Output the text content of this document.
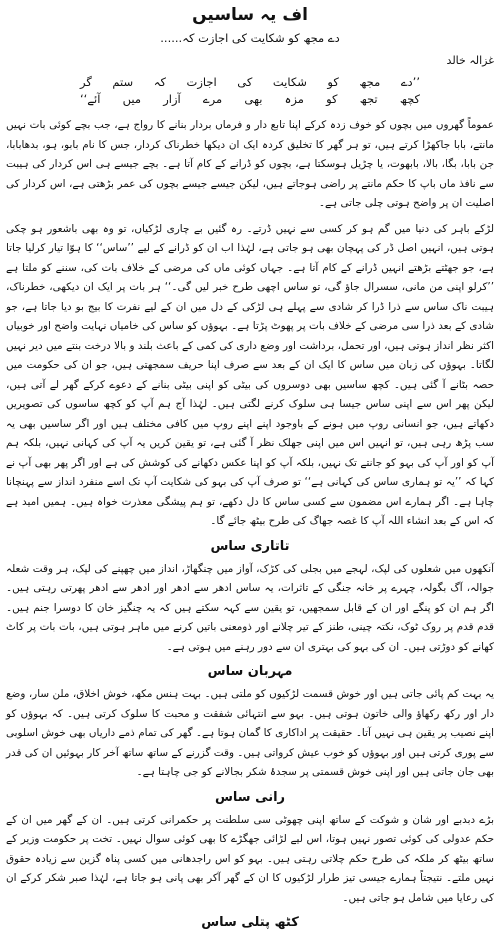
اف یہ ساسیں
دے مجھ کو شکایت کی اجازت کہ......
غزالہ خالد
’’دے مجھ کو شکایت کی اجازت کہ ستم گر
کچھ تجھ کو مزہ بھی مرے آزار میں آئے‘‘

عموماً گھروں میں بچوں کو خوف زدہ کرکے اپنا تابع دار و فرماں بردار بنانے کا رواج ہے، جب بچے کوئی بات نہیں مانتے، بابا جاکھڑا کرتے ہیں، تو ہر گھر کا تخلیق کردہ ایک ان دیکھا خطرناک کردار، جس کا نام بابو، ہو، بدھابابا، جن بابا، بگا، بالا، بابھوت، یا چڑیل ہوسکتا ہے، بچوں کو ڈرانے کے کام آتا ہے۔ بچے جیسے ہی اس کردار کی ہیبت سے نافذ ماں باپ کا حکم مانتے پر راضی ہوجاتے ہیں، لیکن جیسے جیسے بچوں کی عمر بڑھتی ہے، اس کردار کی اصلیت ان پر واضح ہوتی چلی جاتی ہے۔

لڑکے باہر کی دنیا میں گم ہو کر کسی سے نہیں ڈرتے۔ رہ گئیں بے چاری لڑکیاں، تو وہ بھی باشعور ہو چکی ہوتی ہیں، انہیں اصل ڈر کی پہچان بھی ہو جاتی ہے، لہٰذا اب ان کو ڈرانے کے لیے ’’ساس‘‘ کا ہوّا تیار کرلیا جاتا ہے، جو جھٹتے بڑھتے انہیں ڈرانے کے کام آتا ہے۔ جہاں کوئی ماں کی مرضی کے خلاف بات کی، سننے کو ملتا ہے ’’کرلو اپنی من مانی، سسرال جاؤ گی، تو ساس اچھی طرح خبر لیں گی۔‘‘ ہر بات پر ایک ان دیکھی، خطرناک، ہیبت ناک ساس سے ذرا ڈرا کر شادی سے پہلے ہی لڑکی کے دل میں ان کے لیے نفرت کا بیج بو دیا جاتا ہے، جو شادی کے بعد ذرا سی مرضی کے خلاف بات پر پھوٹ پڑتا ہے۔ بہوؤں کو ساس کی خامیاں نہایت واضح اور خوبیاں اکثر نظر انداز ہوتی ہیں، اور تحمل، برداشت اور وضع داری کی کمی کے باعث بلند و بالا درخت بنتے میں دیر نہیں لگاتا۔ بہوؤں کی زبان میں ساس کا ایک ان کے بعد سے صرف اپنا حریف سمجھتی ہیں، جو ان کی حکومت میں حصہ بٹانے آ گئی ہیں۔ کچھ ساسیں بھی دوسروں کی بیٹی کو اپنی بیٹی بنانے کے دعوے کرکے گھر لے آتی ہیں، لیکن پھر اس سے اپنی ساس جیسا ہی سلوک کرنے لگتی ہیں۔ لہٰذا آج ہم آپ کو کچھ ساسوں کی تصویریں دکھاتے ہیں، جو انسانی روپ میں ہونے کے باوجود اپنے اپنے روپ میں کافی مختلف ہیں اور اگر ساسیں بھی یہ سب پڑھ رہی ہیں، تو انہیں اس میں اپنی جھلک نظر آ گئی ہے، تو یقین کریں یہ آپ کی کہانی نہیں، بلکہ ہم آپ کو اور آپ کی بہو کو جانتے تک نہیں، بلکہ آپ کو اپنا عکس دکھانے کی کوشش کی ہے اور اگر پھر بھی آپ نے کہا کہ ’’یہ تو ہماری ساس کی کہانی ہے‘‘ تو صرف آپ کی بہو کی شکایت آپ تک اسے منفرد انداز سے پہنچانا چاہا ہے۔ اگر ہمارے اس مضمون سے کسی ساس کا دل دکھے، تو ہم پیشگی معذرت خواہ ہیں۔ ہمیں امید ہے کہ اس کے بعد انشاء اللہ آپ کا غصہ جھاگ کی طرح بیٹھ جائے گا۔

تاتاری ساس

آنکھوں میں شعلوں کی لپک، لہجے میں بجلی کی کڑک، آواز میں چنگھاڑ، انداز میں چھپنے کی لپک، ہر وقت شعلہ جوالہ، آگ بگولہ، چہرے پر خانہ جنگی کے تاثرات، یہ ساس ادھر سے ادھر اور ادھر سے ادھر پھرتی رہتی ہیں۔ اگر ہم ان کو پنگے اور ان کے قابل سمجھیں، تو یقین سے کہہ سکتے ہیں کہ یہ چنگیز خان کا دوسرا جنم ہیں۔ قدم قدم پر روک ٹوک، نکتہ چینی، طنز کے تیر چلانے اور ذومعنی باتیں کرنے میں ماہر ہوتی ہیں، بات بات پر کاٹ کھانے کو دوڑتی ہیں۔ ان کی بہو کی بہتری ان سے دور رہنے میں ہوتی ہے۔

مہربان ساس

یہ بہت کم پائی جاتی ہیں اور خوش قسمت لڑکیوں کو ملتی ہیں۔ بہت ہنس مکھ، خوش اخلاق، ملن سار، وضع دار اور رکھ رکھاؤ والی خاتون ہوتی ہیں۔ بہو سے انتہائی شفقت و محبت کا سلوک کرتی ہیں۔ کہ بہوؤں کو اپنے نصیب پر یقین ہی نہیں آتا۔ حقیقت پر اداکاری کا گمان ہوتا ہے۔ گھر کی تمام ذمے داریاں بھی خوش اسلوبی سے پوری کرتی ہیں اور بہوؤں کو خوب عیش کرواتی ہیں۔ وقت گزرنے کے ساتھ ساتھ آخر کار بہوئیں ان کی قدر بھی جان جاتی ہیں اور اپنی خوش قسمتی پر سجدۂ شکر بجالانے کو جی چاہتا ہے۔

رانی ساس

بڑے دبدبے اور شان و شوکت کے ساتھ اپنی چھوٹی سی سلطنت پر حکمرانی کرتی ہیں۔ ان کے گھر میں ان کے حکم عدولی کی کوئی تصور نہیں ہوتا، اس لیے لڑائی جھگڑے کا بھی کوئی سوال نہیں۔ تخت پر حکومت وزیر کے ساتھ بیٹھ کر ملکہ کی طرح حکم چلاتی رہتی ہیں۔ بہو کو اس راجدھانی میں کسی پناہ گزین سے زیادہ حقوق نہیں ملتے۔ نتیجتاً ہمارے جیسی تیز طرار لڑکیوں کا ان کے گھر آکر بھی پانی ہو جاتا ہے، لہٰذا صبر شکر کرکے ان کی رعایا میں شامل ہو جاتی ہیں۔

کٹھ پتلی ساس
